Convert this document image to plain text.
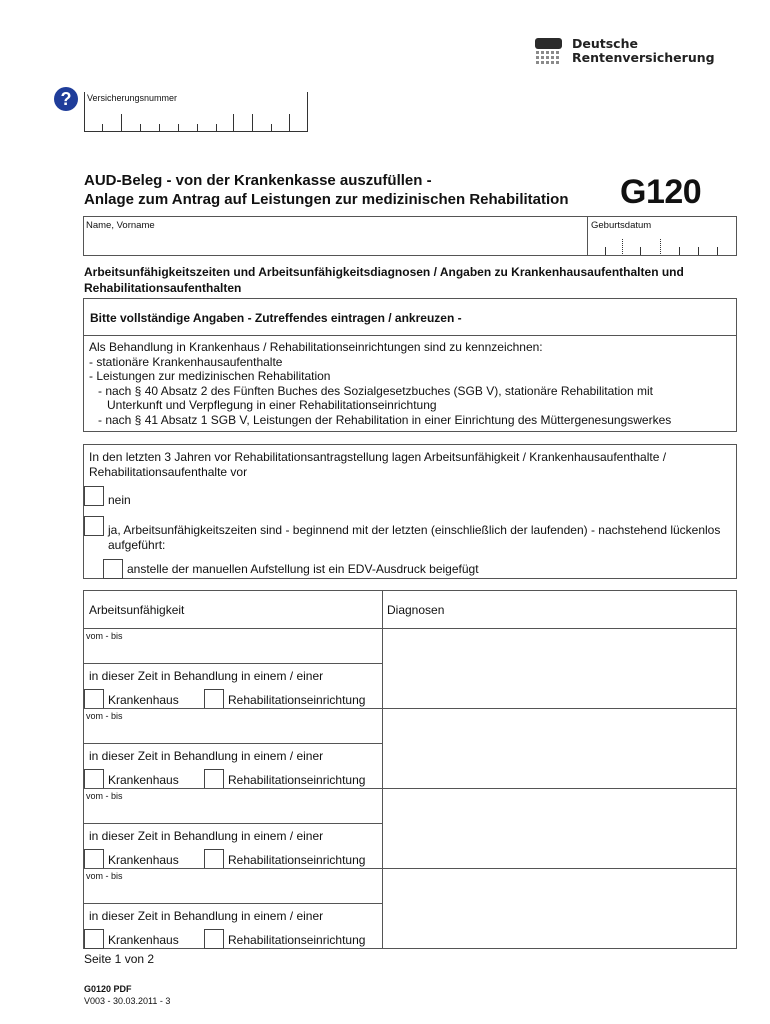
Deutsche
Rentenversicherung
?	Versicherungsnummer
AUD-Beleg - von der Krankenkasse auszufüllen -
Anlage zum Antrag auf Leistungen zur medizinischen Rehabilitation	G120
Name, Vorname	Geburtsdatum
Arbeitsunfähigkeitszeiten und Arbeitsunfähigkeitsdiagnosen / Angaben zu Krankenhausaufenthalten und Rehabilitationsaufenthalten
Bitte vollständige Angaben - Zutreffendes eintragen / ankreuzen -
Als Behandlung in Krankenhaus / Rehabilitationseinrichtungen sind zu kennzeichnen:
- stationäre Krankenhausaufenthalte
- Leistungen zur medizinischen Rehabilitation
- nach § 40 Absatz 2 des Fünften Buches des Sozialgesetzbuches (SGB V), stationäre Rehabilitation mit
Unterkunft und Verpflegung in einer Rehabilitationseinrichtung
- nach § 41 Absatz 1 SGB V, Leistungen der Rehabilitation in einer Einrichtung des Müttergenesungswerkes
In den letzten 3 Jahren vor Rehabilitationsantragstellung lagen Arbeitsunfähigkeit / Krankenhausaufenthalte / Rehabilitationsaufenthalte vor
nein
ja, Arbeitsunfähigkeitszeiten sind - beginnend mit der letzten (einschließlich der laufenden) - nachstehend lückenlos aufgeführt:
anstelle der manuellen Aufstellung ist ein EDV-Ausdruck beigefügt
Arbeitsunfähigkeit	Diagnosen
vom - bis
in dieser Zeit in Behandlung in einem / einer
Krankenhaus	Rehabilitationseinrichtung
vom - bis
in dieser Zeit in Behandlung in einem / einer
Krankenhaus	Rehabilitationseinrichtung
vom - bis
in dieser Zeit in Behandlung in einem / einer
Krankenhaus	Rehabilitationseinrichtung
vom - bis
in dieser Zeit in Behandlung in einem / einer
Krankenhaus	Rehabilitationseinrichtung
Seite 1 von 2
G0120 PDF
V003 - 30.03.2011 - 3
